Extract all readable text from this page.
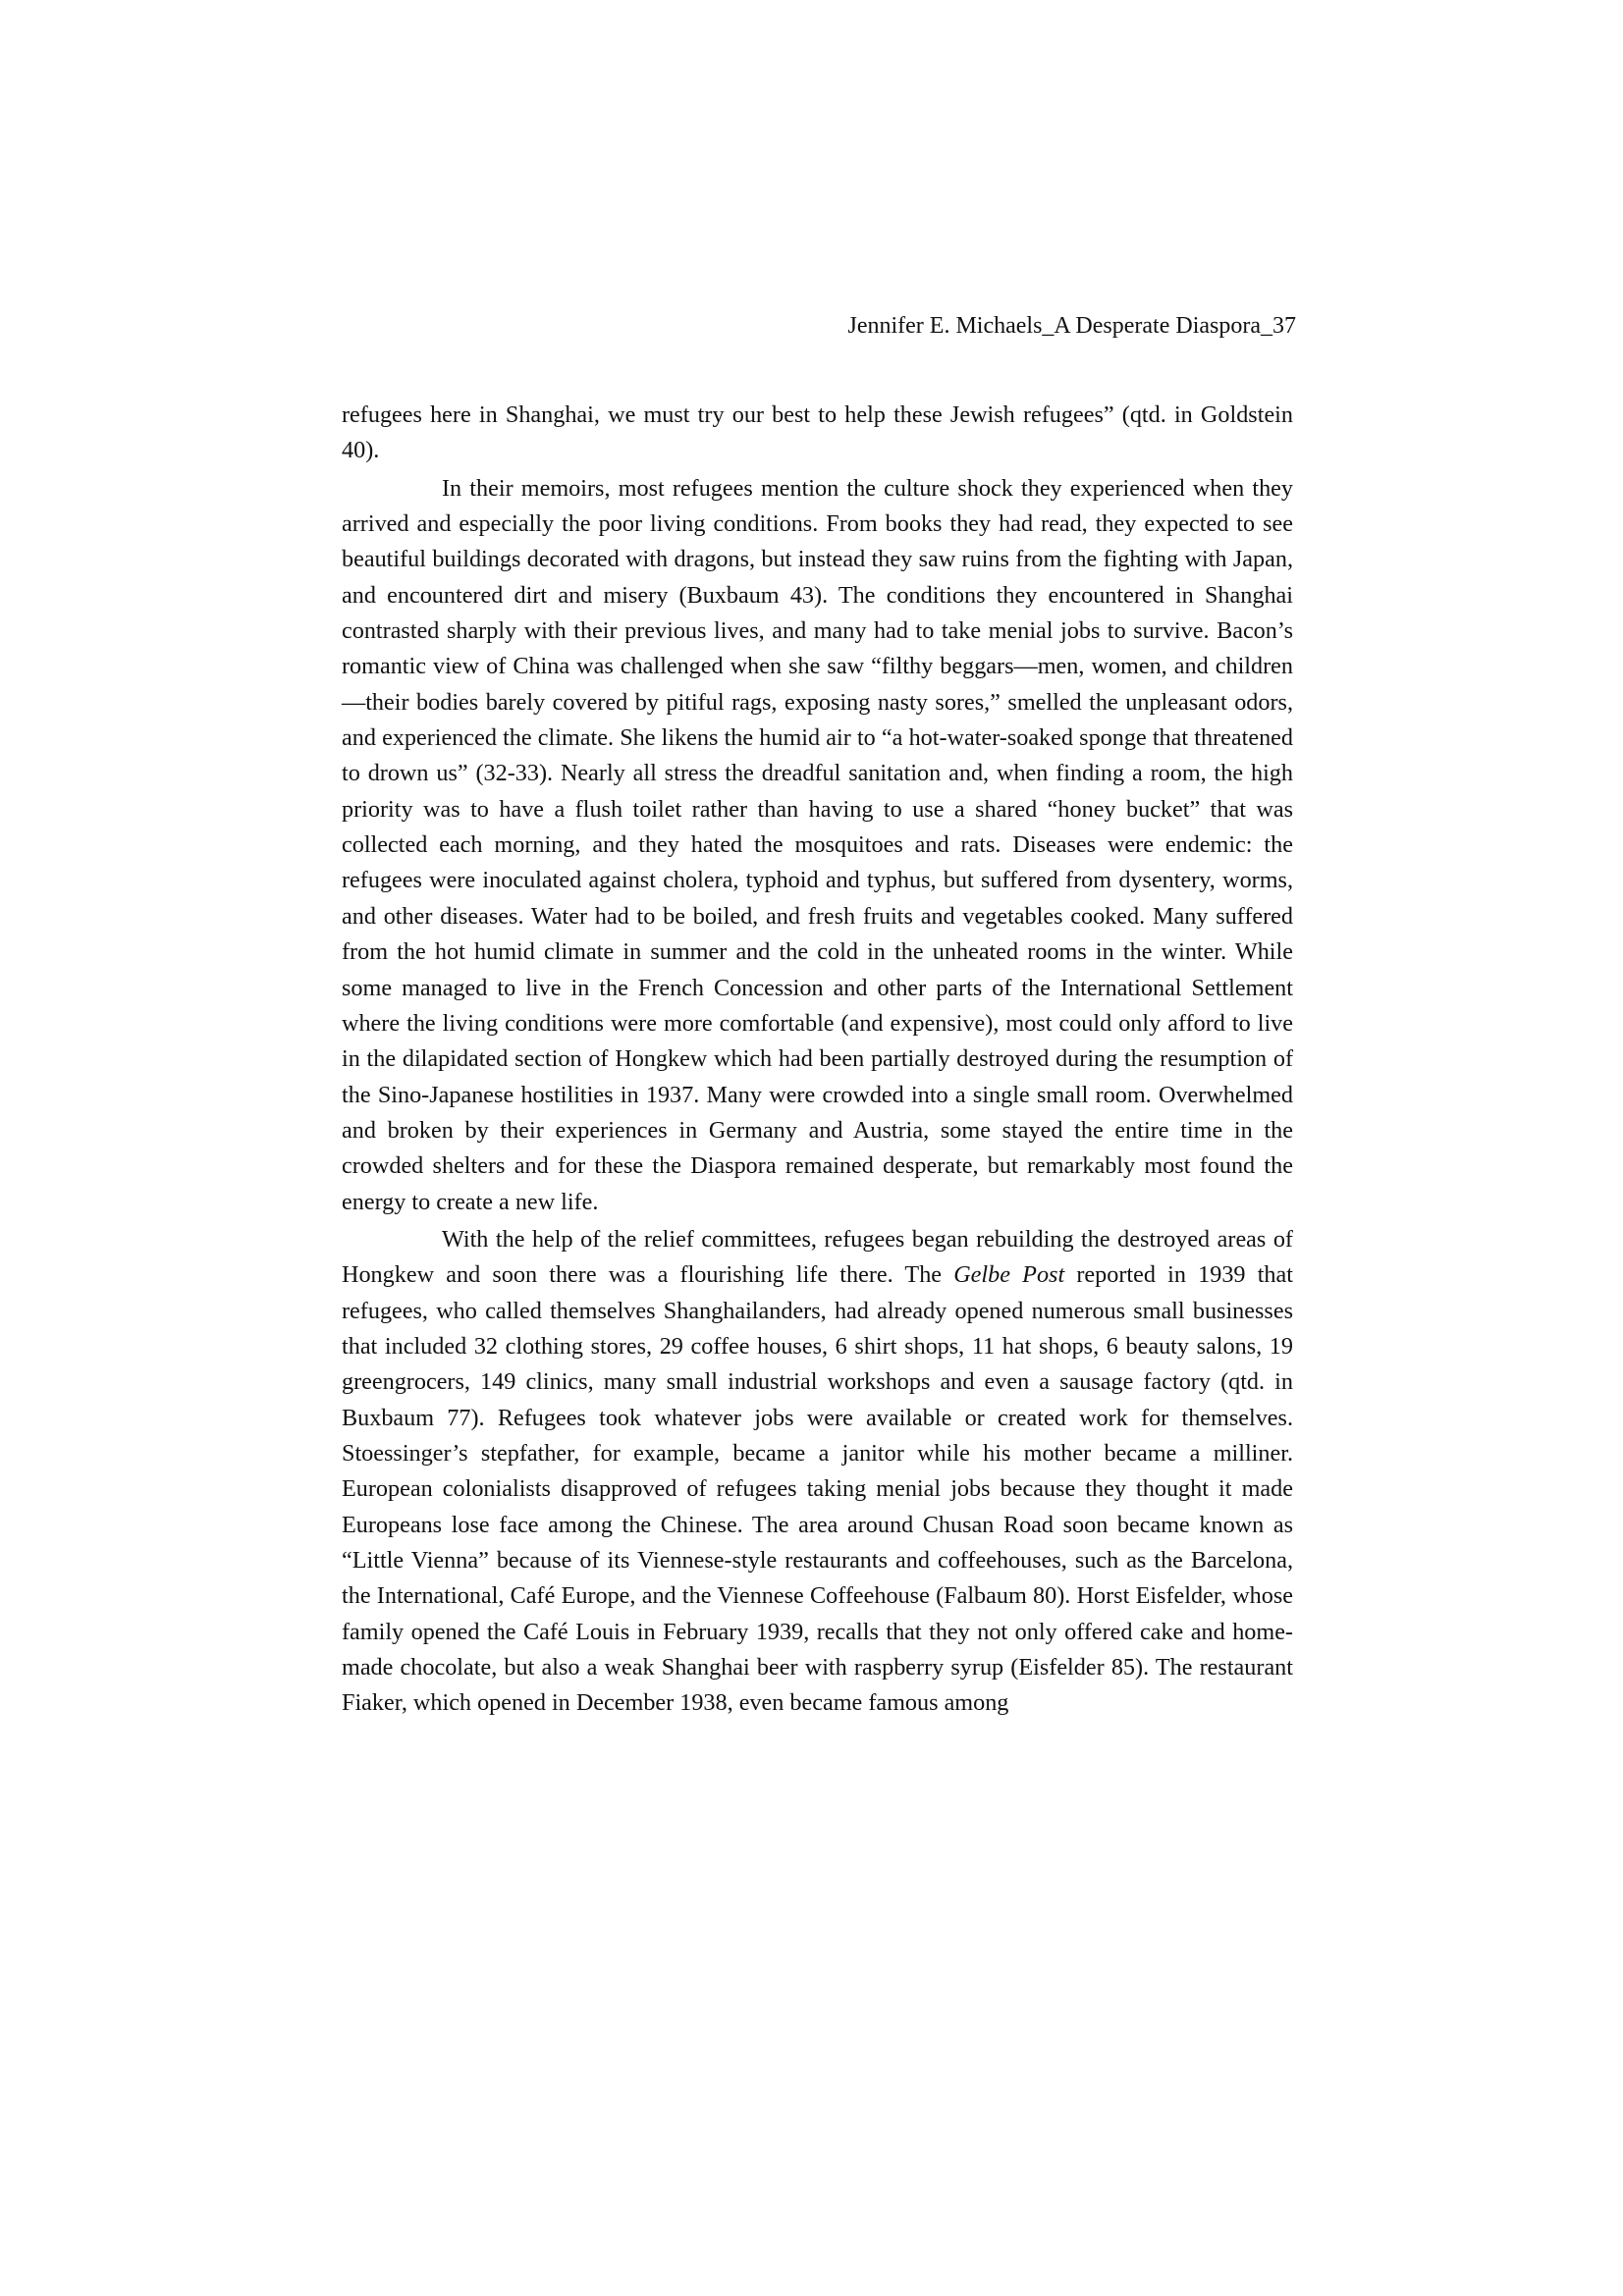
Jennifer E. Michaels_A Desperate Diaspora_37

refugees here in Shanghai, we must try our best to help these Jewish refugees” (qtd. in Goldstein 40).

In their memoirs, most refugees mention the culture shock they experienced when they arrived and especially the poor living conditions. From books they had read, they expected to see beautiful buildings decorated with dragons, but instead they saw ruins from the fighting with Japan, and encountered dirt and misery (Buxbaum 43). The conditions they encountered in Shanghai contrasted sharply with their previous lives, and many had to take menial jobs to survive. Bacon’s romantic view of China was challenged when she saw “filthy beggars—men, women, and children—their bodies barely covered by pitiful rags, exposing nasty sores,” smelled the unpleasant odors, and experienced the climate. She likens the humid air to “a hot-water-soaked sponge that threatened to drown us” (32-33). Nearly all stress the dreadful sanitation and, when finding a room, the high priority was to have a flush toilet rather than having to use a shared “honey bucket” that was collected each morning, and they hated the mosquitoes and rats. Diseases were endemic: the refugees were inoculated against cholera, typhoid and typhus, but suffered from dysentery, worms, and other diseases. Water had to be boiled, and fresh fruits and vegetables cooked. Many suffered from the hot humid climate in summer and the cold in the unheated rooms in the winter. While some managed to live in the French Concession and other parts of the International Settlement where the living conditions were more comfortable (and expensive), most could only afford to live in the dilapidated section of Hongkew which had been partially destroyed during the resumption of the Sino-Japanese hostilities in 1937. Many were crowded into a single small room. Overwhelmed and broken by their experiences in Germany and Austria, some stayed the entire time in the crowded shelters and for these the Diaspora remained desperate, but remarkably most found the energy to create a new life.

With the help of the relief committees, refugees began rebuilding the destroyed areas of Hongkew and soon there was a flourishing life there. The Gelbe Post reported in 1939 that refugees, who called themselves Shanghailanders, had already opened numerous small businesses that included 32 clothing stores, 29 coffee houses, 6 shirt shops, 11 hat shops, 6 beauty salons, 19 greengrocers, 149 clinics, many small industrial workshops and even a sausage factory (qtd. in Buxbaum 77). Refugees took whatever jobs were available or created work for themselves. Stoessinger’s stepfather, for example, became a janitor while his mother became a milliner. European colonialists disapproved of refugees taking menial jobs because they thought it made Europeans lose face among the Chinese. The area around Chusan Road soon became known as “Little Vienna” because of its Viennese-style restaurants and coffeehouses, such as the Barcelona, the International, Café Europe, and the Viennese Coffeehouse (Falbaum 80). Horst Eisfelder, whose family opened the Café Louis in February 1939, recalls that they not only offered cake and home-made chocolate, but also a weak Shanghai beer with raspberry syrup (Eisfelder 85). The restaurant Fiaker, which opened in December 1938, even became famous among
